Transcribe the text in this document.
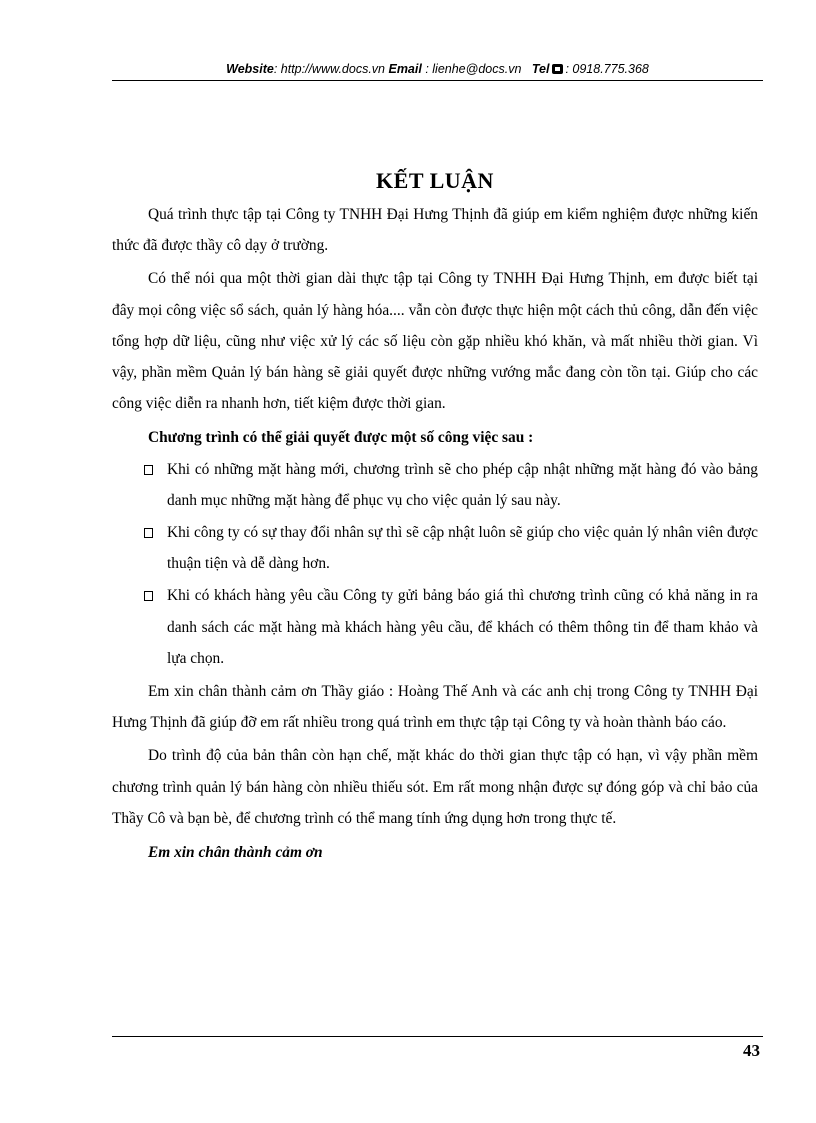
Website: http://www.docs.vn Email : lienhe@docs.vn Tel : 0918.775.368
KẾT LUẬN

Quá trình thực tập tại Công ty TNHH Đại Hưng Thịnh đã giúp em kiểm nghiệm được những kiến thức đã được thầy cô dạy ở trường.

Có thể nói qua một thời gian dài thực tập tại Công ty TNHH Đại Hưng Thịnh, em được biết tại đây mọi công việc sổ sách, quản lý hàng hóa.... vẫn còn được thực hiện một cách thủ công, dẫn đến việc tổng hợp dữ liệu, cũng như việc xử lý các số liệu còn gặp nhiều khó khăn, và mất nhiều thời gian. Vì vậy, phần mềm Quản lý bán hàng sẽ giải quyết được những vướng mắc đang còn tồn tại. Giúp cho các công việc diễn ra nhanh hơn, tiết kiệm được thời gian.

Chương trình có thể giải quyết được một số công việc sau :

Khi có những mặt hàng mới, chương trình sẽ cho phép cập nhật những mặt hàng đó vào bảng danh mục những mặt hàng để phục vụ cho việc quản lý sau này.
Khi công ty có sự thay đổi nhân sự thì sẽ cập nhật luôn sẽ giúp cho việc quản lý nhân viên được thuận tiện và dễ dàng hơn.
Khi có khách hàng yêu cầu Công ty gửi bảng báo giá thì chương trình cũng có khả năng in ra danh sách các mặt hàng mà khách hàng yêu cầu, để khách có thêm thông tin để tham khảo và lựa chọn.

Em xin chân thành cảm ơn Thầy giáo : Hoàng Thế Anh và các anh chị trong Công ty TNHH Đại Hưng Thịnh đã giúp đỡ em rất nhiều trong quá trình em thực tập tại Công ty và hoàn thành báo cáo.

Do trình độ của bản thân còn hạn chế, mặt khác do thời gian thực tập có hạn, vì vậy phần mềm chương trình quản lý bán hàng còn nhiều thiếu sót. Em rất mong nhận được sự đóng góp và chỉ bảo của Thầy Cô và bạn bè, để chương trình có thể mang tính ứng dụng hơn trong thực tế.

Em xin chân thành cảm ơn

43
